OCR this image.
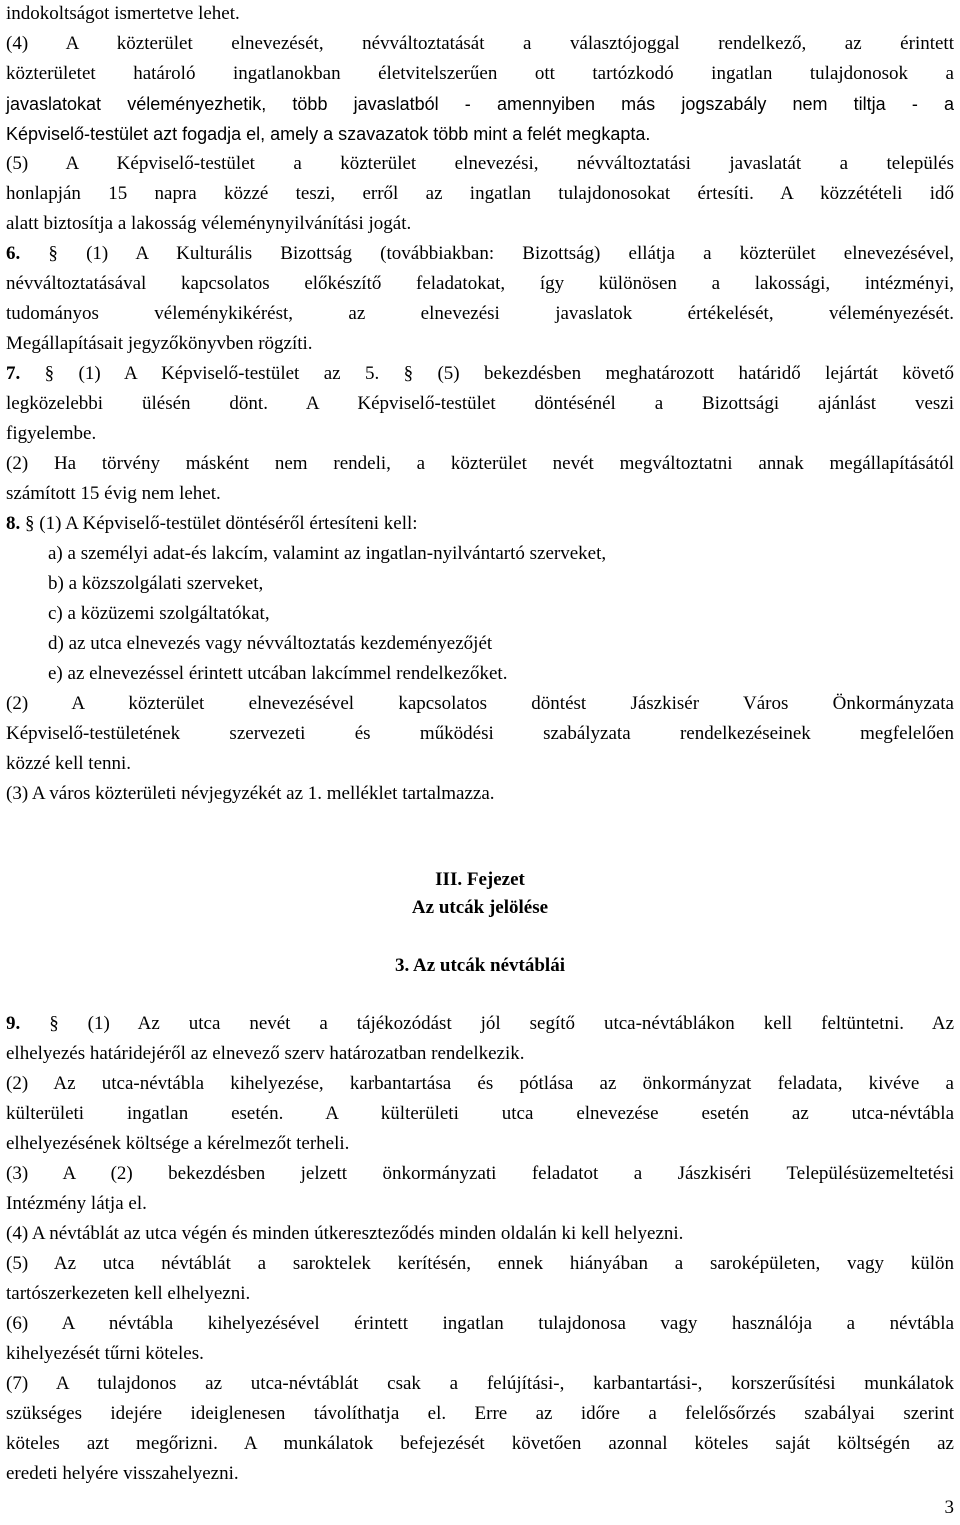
indokoltságot ismertetve lehet.
(4) A közterület elnevezését, névváltoztatását a választójoggal rendelkező, az érintett
közterületet határoló ingatlanokban életvitelszerűen ott tartózkodó ingatlan tulajdonosok a
javaslatokat véleményezhetik, több javaslatból - amennyiben más jogszabály nem tiltja - a
Képviselő-testület azt fogadja el, amely a szavazatok több mint a felét megkapta.
(5) A Képviselő-testület a közterület elnevezési, névváltoztatási javaslatát a település
honlapján 15 napra közzé teszi, erről az ingatlan tulajdonosokat értesíti. A közzétételi idő
alatt biztosítja a lakosság véleménynyilvánítási jogát.
6. § (1) A Kulturális Bizottság (továbbiakban: Bizottság) ellátja a közterület elnevezésével,
névváltoztatásával kapcsolatos előkészítő feladatokat, így különösen a lakossági, intézményi,
tudományos véleménykikérést, az elnevezési javaslatok értékelését, véleményezését.
Megállapításait jegyzőkönyvben rögzíti.
7. § (1) A Képviselő-testület az 5. § (5) bekezdésben meghatározott határidő lejártát követő
legközelebbi ülésén dönt. A Képviselő-testület döntésénél a Bizottsági ajánlást veszi
figyelembe.
(2) Ha törvény másként nem rendeli, a közterület nevét megváltoztatni annak megállapításától
számított 15 évig nem lehet.
8. § (1) A Képviselő-testület döntéséről értesíteni kell:
a) a személyi adat-és lakcím, valamint az ingatlan-nyilvántartó szerveket,
b) a közszolgálati szerveket,
c) a közüzemi szolgáltatókat,
d) az utca elnevezés vagy névváltoztatás kezdeményezőjét
e) az elnevezéssel érintett utcában lakcímmel rendelkezőket.
(2) A közterület elnevezésével kapcsolatos döntést Jászkisér Város Önkormányzata
Képviselő-testületének szervezeti és működési szabályzata rendelkezéseinek megfelelően
közzé kell tenni.
(3) A város közterületi névjegyzékét az 1. melléklet tartalmazza.
III. Fejezet
Az utcák jelölése
3. Az utcák névtáblái
9. § (1) Az utca nevét a tájékozódást jól segítő utca-névtáblákon kell feltüntetni. Az
elhelyezés határidejéről az elnevező szerv határozatban rendelkezik.
(2) Az utca-névtábla kihelyezése, karbantartása és pótlása az önkormányzat feladata, kivéve a
külterületi ingatlan esetén. A külterületi utca elnevezése esetén az utca-névtábla
elhelyezésének költsége a kérelmezőt terheli.
(3) A (2) bekezdésben jelzett önkormányzati feladatot a Jászkiséri Településüzemeltetési
Intézmény látja el.
(4) A névtáblát az utca végén és minden útkereszteződés minden oldalán ki kell helyezni.
(5) Az utca névtáblát a saroktelek kerítésén, ennek hiányában a saroképületen, vagy külön
tartószerkezeten kell elhelyezni.
(6) A névtábla kihelyezésével érintett ingatlan tulajdonosa vagy használója a névtábla
kihelyezését tűrni köteles.
(7) A tulajdonos az utca-névtáblát csak a felújítási-, karbantartási-, korszerűsítési munkálatok
szükséges idejére ideiglenesen távolíthatja el. Erre az időre a felelősőrzés szabályai szerint
köteles azt megőrizni. A munkálatok befejezését követően azonnal köteles saját költségén az
eredeti helyére visszahelyezni.
3
